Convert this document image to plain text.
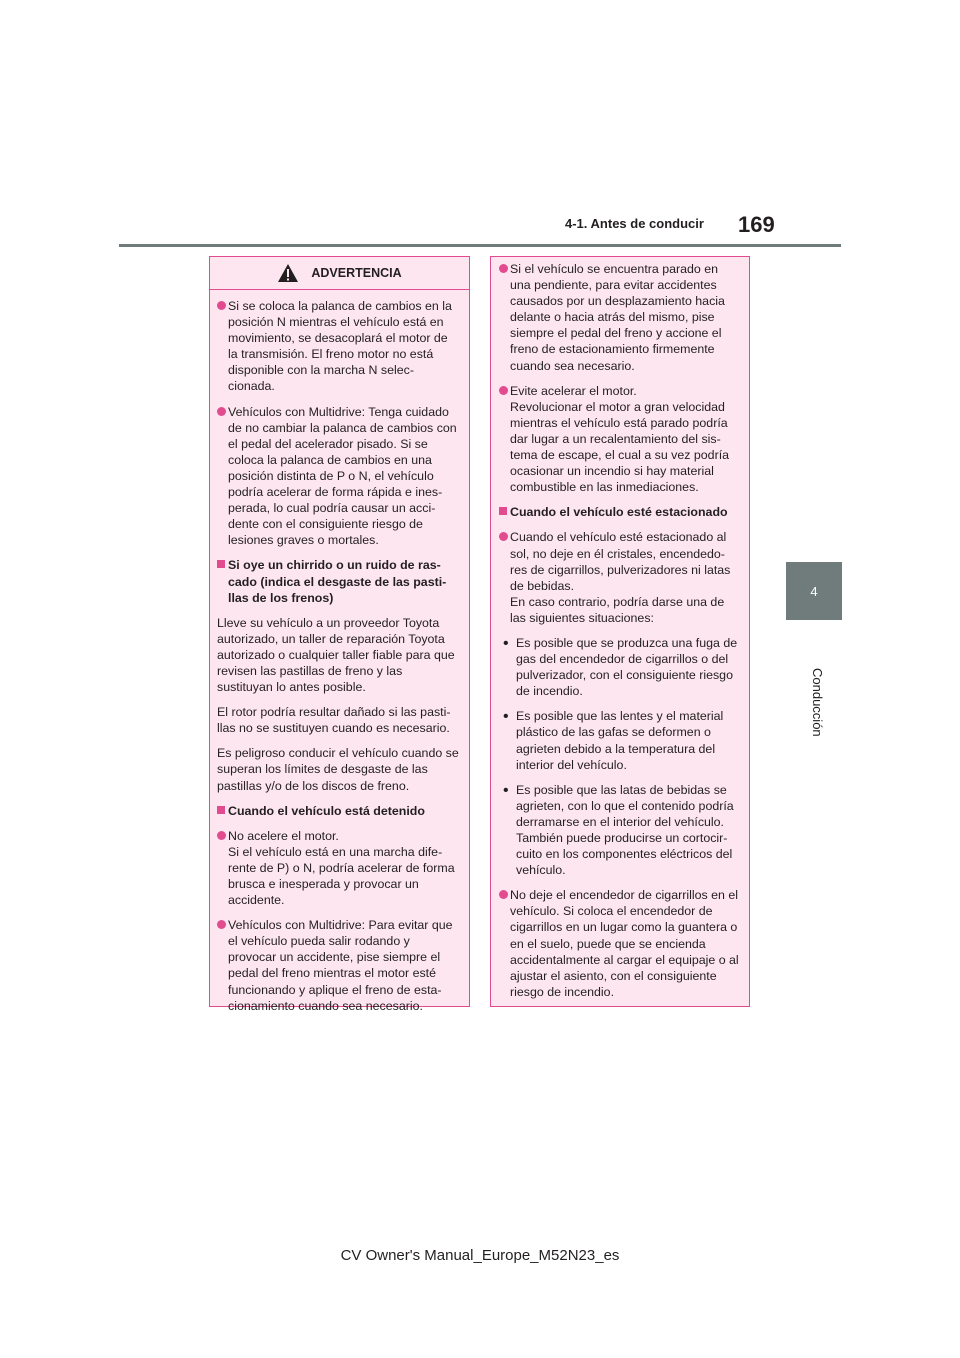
4-1. Antes de conducir 169
4
Conducción
ADVERTENCIA

Si se coloca la palanca de cambios en la posición N mientras el vehículo está en movimiento, se desacoplará el motor de la transmisión. El freno motor no está disponible con la marcha N selec-cionada.

Vehículos con Multidrive: Tenga cuidado de no cambiar la palanca de cambios con el pedal del acelerador pisado. Si se coloca la palanca de cambios en una posición distinta de P o N, el vehículo podría acelerar de forma rápida e ines-perada, lo cual podría causar un acci-dente con el consiguiente riesgo de lesiones graves o mortales.

Si oye un chirrido o un ruido de ras-cado (indica el desgaste de las pasti-llas de los frenos)

Lleve su vehículo a un proveedor Toyota autorizado, un taller de reparación Toyota autorizado o cualquier taller fiable para que revisen las pastillas de freno y las sustituyan lo antes posible.

El rotor podría resultar dañado si las pasti-llas no se sustituyen cuando es necesario.

Es peligroso conducir el vehículo cuando se superan los límites de desgaste de las pastillas y/o de los discos de freno.

Cuando el vehículo está detenido

No acelere el motor.
Si el vehículo está en una marcha dife-rente de P) o N, podría acelerar de forma brusca e inesperada y provocar un accidente.

Vehículos con Multidrive: Para evitar que el vehículo pueda salir rodando y provocar un accidente, pise siempre el pedal del freno mientras el motor esté funcionando y aplique el freno de esta-cionamiento cuando sea necesario.

Si el vehículo se encuentra parado en una pendiente, para evitar accidentes causados por un desplazamiento hacia delante o hacia atrás del mismo, pise siempre el pedal del freno y accione el freno de estacionamiento firmemente cuando sea necesario.

Evite acelerar el motor.
Revolucionar el motor a gran velocidad mientras el vehículo está parado podría dar lugar a un recalentamiento del sis-tema de escape, el cual a su vez podría ocasionar un incendio si hay material combustible en las inmediaciones.

Cuando el vehículo esté estacionado

Cuando el vehículo esté estacionado al sol, no deje en él cristales, encendedo-res de cigarrillos, pulverizadores ni latas de bebidas.
En caso contrario, podría darse una de las siguientes situaciones:

• Es posible que se produzca una fuga de gas del encendedor de cigarrillos o del pulverizador, con el consiguiente riesgo de incendio.

• Es posible que las lentes y el material plástico de las gafas se deformen o agrieten debido a la temperatura del interior del vehículo.

• Es posible que las latas de bebidas se agrieten, con lo que el contenido podría derramarse en el interior del vehículo. También puede producirse un cortocir-cuito en los componentes eléctricos del vehículo.

No deje el encendedor de cigarrillos en el vehículo. Si coloca el encendedor de cigarrillos en un lugar como la guantera o en el suelo, puede que se encienda accidentalmente al cargar el equipaje o al ajustar el asiento, con el consiguiente riesgo de incendio.

CV Owner's Manual_Europe_M52N23_es
